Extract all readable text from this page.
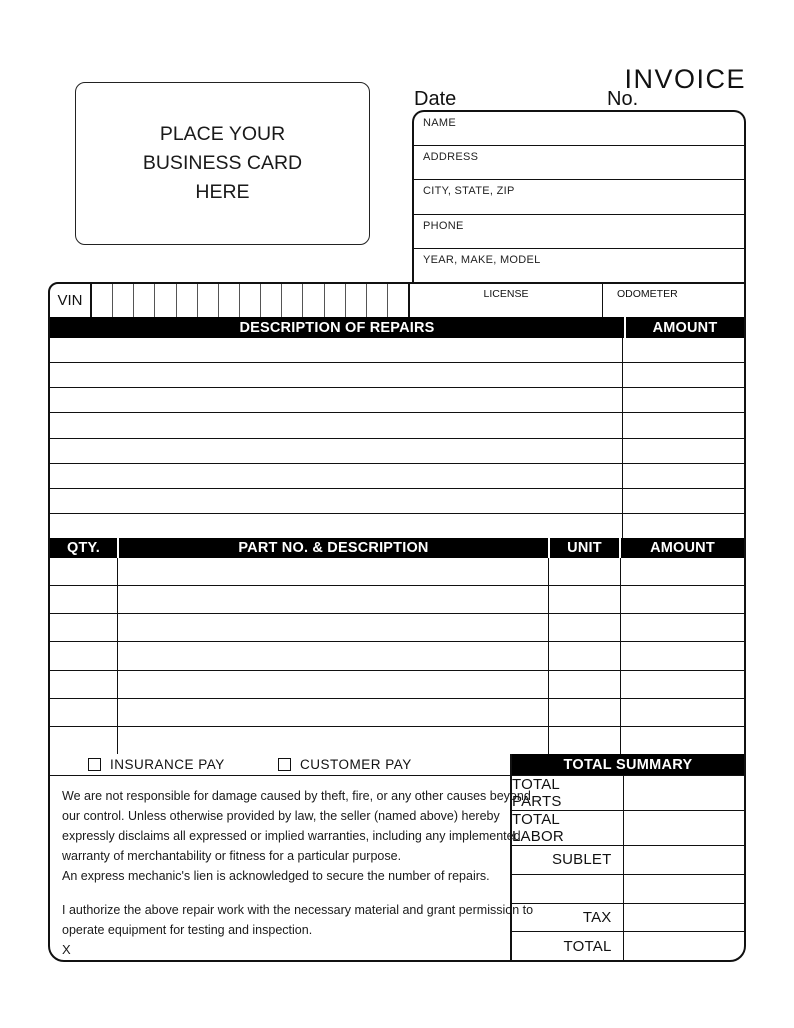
INVOICE
Date	No.
PLACE YOUR
BUSINESS CARD
HERE
NAME
ADDRESS
CITY, STATE, ZIP
PHONE
YEAR, MAKE, MODEL
VIN	LICENSE	ODOMETER
DESCRIPTION OF REPAIRS	AMOUNT
QTY.	PART NO. & DESCRIPTION	UNIT	AMOUNT
INSURANCE PAY	CUSTOMER PAY	TOTAL SUMMARY
We are not responsible for damage caused by theft, fire, or any other causes beyond
our control. Unless otherwise provided by law, the seller (named above) hereby
expressly disclaims all expressed or implied warranties, including any implemented
warranty of merchantability or fitness for a particular purpose.
An express mechanic's lien is acknowledged to secure the number of repairs.
I authorize the above repair work with the necessary material and grant permission to
operate equipment for testing and inspection.
X
TOTAL PARTS
TOTAL LABOR
SUBLET
TAX
TOTAL
